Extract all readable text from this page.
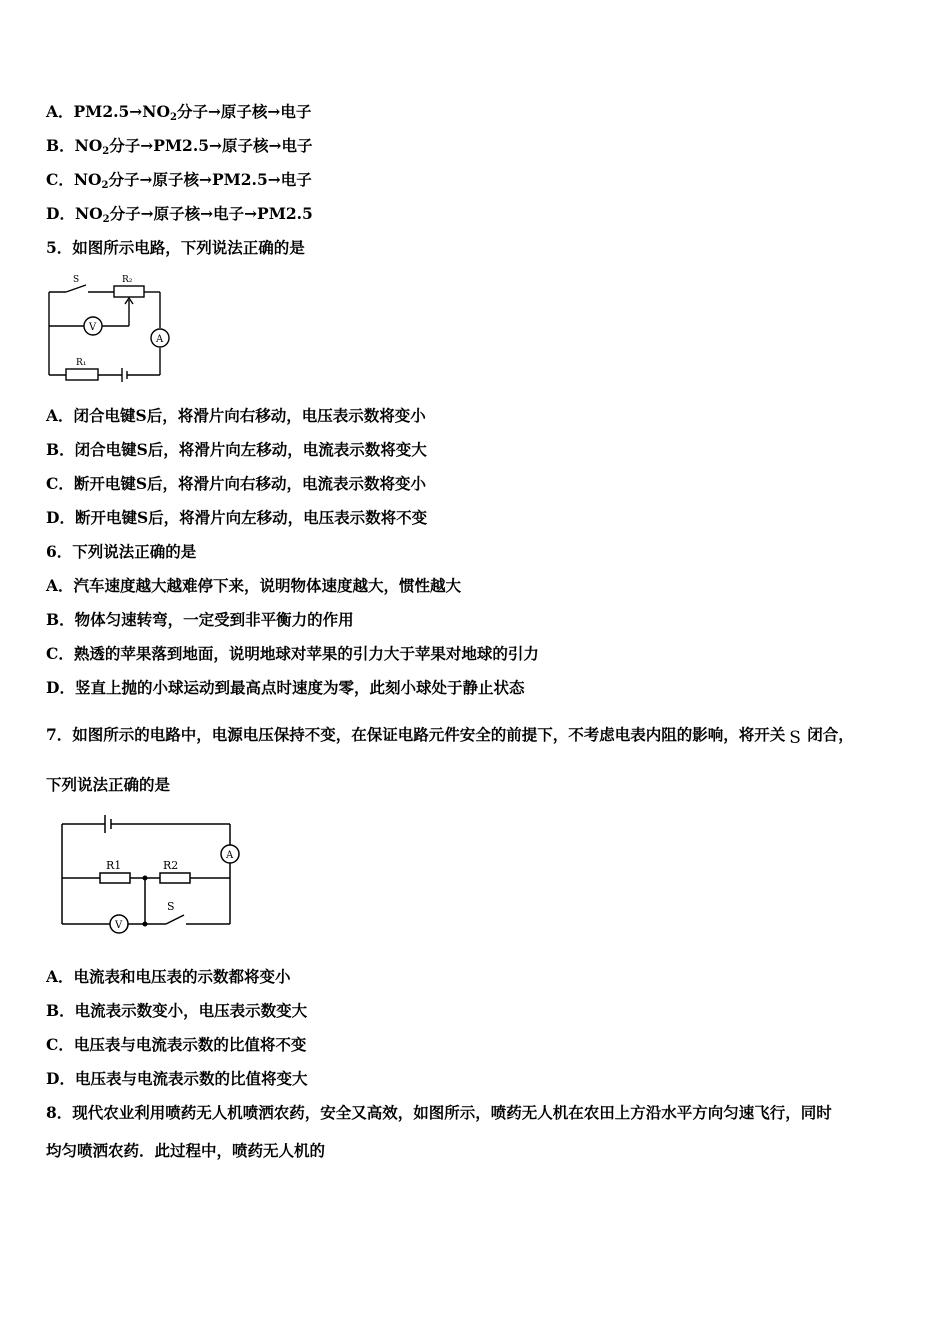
A．$PM2.5\to NO_2$分子→原子核→电子
B．$NO_2$分子→PM2.5→原子核→电子
C．$NO_2$分子→原子核→PM2.5→电子
D．$NO_2$分子→原子核→电子→PM2.5
5．如图所示电路，下列说法正确的是
S	R₂
V
A
R₁
A．闭合电键S后，将滑片向右移动，电压表示数将变小
B．闭合电键S后，将滑片向左移动，电流表示数将变大
C．断开电键S后，将滑片向右移动，电流表示数将变小
D．断开电键S后，将滑片向左移动，电压表示数将不变
6．下列说法正确的是
A．汽车速度越大越难停下来，说明物体速度越大，惯性越大
B．物体匀速转弯，一定受到非平衡力的作用
C．熟透的苹果落到地面，说明地球对苹果的引力大于苹果对地球的引力
D．竖直上抛的小球运动到最高点时速度为零，此刻小球处于静止状态
7．如图所示的电路中，电源电压保持不变，在保证电路元件安全的前提下，不考虑电表内阻的影响，将开关 S 闭合，
下列说法正确的是
R1	R2
A
V
S
A．电流表和电压表的示数都将变小
B．电流表示数变小，电压表示数变大
C．电压表与电流表示数的比值将不变
D．电压表与电流表示数的比值将变大
8．现代农业利用喷药无人机喷洒农药，安全又高效，如图所示，喷药无人机在农田上方沿水平方向匀速飞行，同时
均匀喷洒农药．此过程中，喷药无人机的
